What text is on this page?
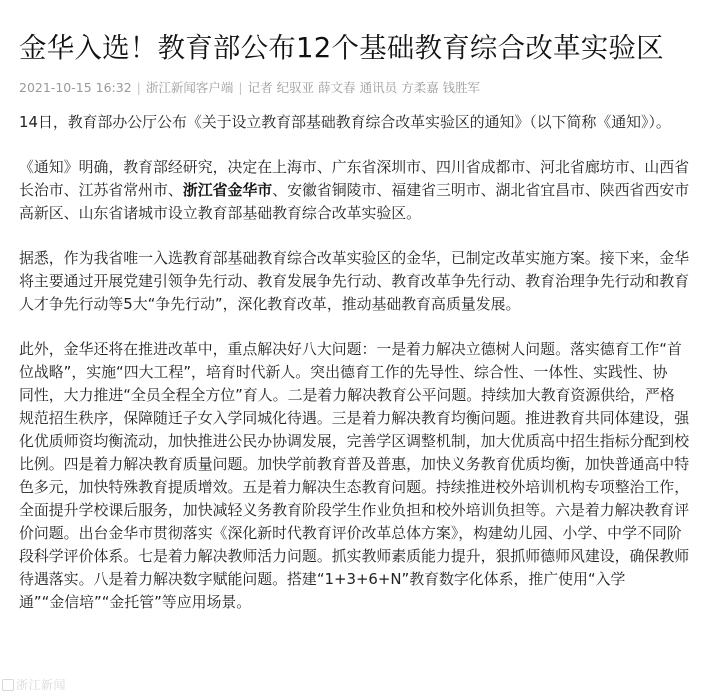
金华入选！教育部公布12个基础教育综合改革实验区
2021-10-15 16:32 | 浙江新闻客户端 | 记者 纪驭亚 薛文春 通讯员 方柔嘉 钱胜军
14日，教育部办公厅公布《关于设立教育部基础教育综合改革实验区的通知》（以下简称《通知》）。
《通知》明确，教育部经研究，决定在上海市、广东省深圳市、四川省成都市、河北省廊坊市、山西省
长治市、江苏省常州市、浙江省金华市、安徽省铜陵市、福建省三明市、湖北省宜昌市、陕西省西安市
高新区、山东省诸城市设立教育部基础教育综合改革实验区。
据悉，作为我省唯一入选教育部基础教育综合改革实验区的金华，已制定改革实施方案。接下来，金华
将主要通过开展党建引领争先行动、教育发展争先行动、教育改革争先行动、教育治理争先行动和教育
人才争先行动等5大“争先行动”，深化教育改革，推动基础教育高质量发展。
此外，金华还将在推进改革中，重点解决好八大问题：一是着力解决立德树人问题。落实德育工作“首
位战略”，实施“四大工程”，培育时代新人。突出德育工作的先导性、综合性、一体性、实践性、协
同性，大力推进“全员全程全方位”育人。二是着力解决教育公平问题。持续加大教育资源供给，严格
规范招生秩序，保障随迁子女入学同城化待遇。三是着力解决教育均衡问题。推进教育共同体建设，强
化优质师资均衡流动，加快推进公民办协调发展，完善学区调整机制，加大优质高中招生指标分配到校
比例。四是着力解决教育质量问题。加快学前教育普及普惠，加快义务教育优质均衡，加快普通高中特
色多元，加快特殊教育提质增效。五是着力解决生态教育问题。持续推进校外培训机构专项整治工作，
全面提升学校课后服务，加快减轻义务教育阶段学生作业负担和校外培训负担等。六是着力解决教育评
价问题。出台金华市贯彻落实《深化新时代教育评价改革总体方案》，构建幼儿园、小学、中学不同阶
段科学评价体系。七是着力解决教师活力问题。抓实教师素质能力提升，狠抓师德师风建设，确保教师
待遇落实。八是着力解决数字赋能问题。搭建“1+3+6+N”教育数字化体系，推广使用“入学
通”“金信培”“金托管”等应用场景。
浙江新闻
